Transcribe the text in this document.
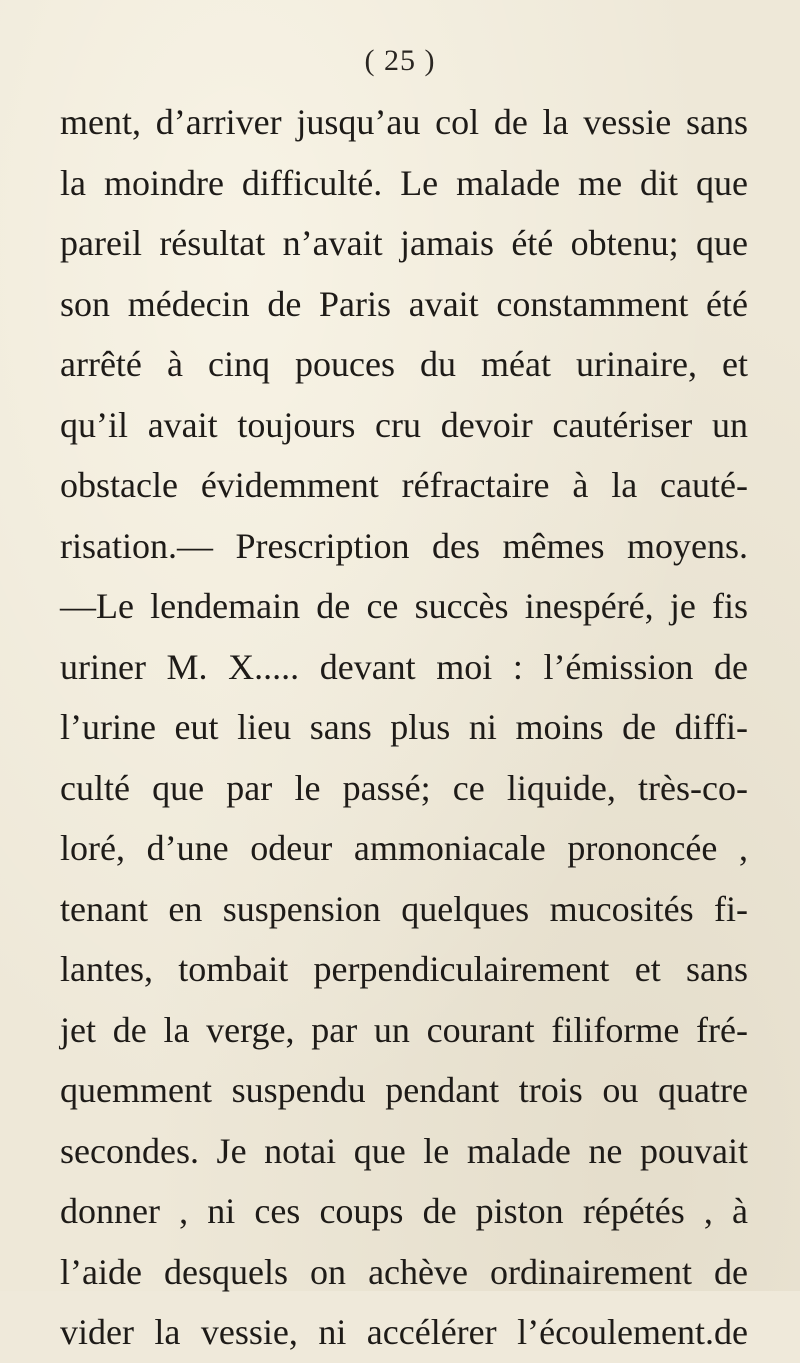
( 25 )
ment, d’arriver jusqu’au col de la vessie sans
la moindre difficulté. Le malade me dit que
pareil résultat n’avait jamais été obtenu; que
son médecin de Paris avait constamment été
arrêté à cinq pouces du méat urinaire, et
qu’il avait toujours cru devoir cautériser un
obstacle évidemment réfractaire à la cauté-
risation.— Prescription des mêmes moyens.
—Le lendemain de ce succès inespéré, je fis
uriner M. X..... devant moi : l’émission de
l’urine eut lieu sans plus ni moins de diffi-
culté que par le passé; ce liquide, très-co-
loré, d’une odeur ammoniacale prononcée ,
tenant en suspension quelques mucosités fi-
lantes, tombait perpendiculairement et sans
jet de la verge, par un courant filiforme fré-
quemment suspendu pendant trois ou quatre
secondes. Je notai que le malade ne pouvait
donner , ni ces coups de piston répétés , à
l’aide desquels on achève ordinairement de
vider la vessie, ni accélérer l’écoulement.de
